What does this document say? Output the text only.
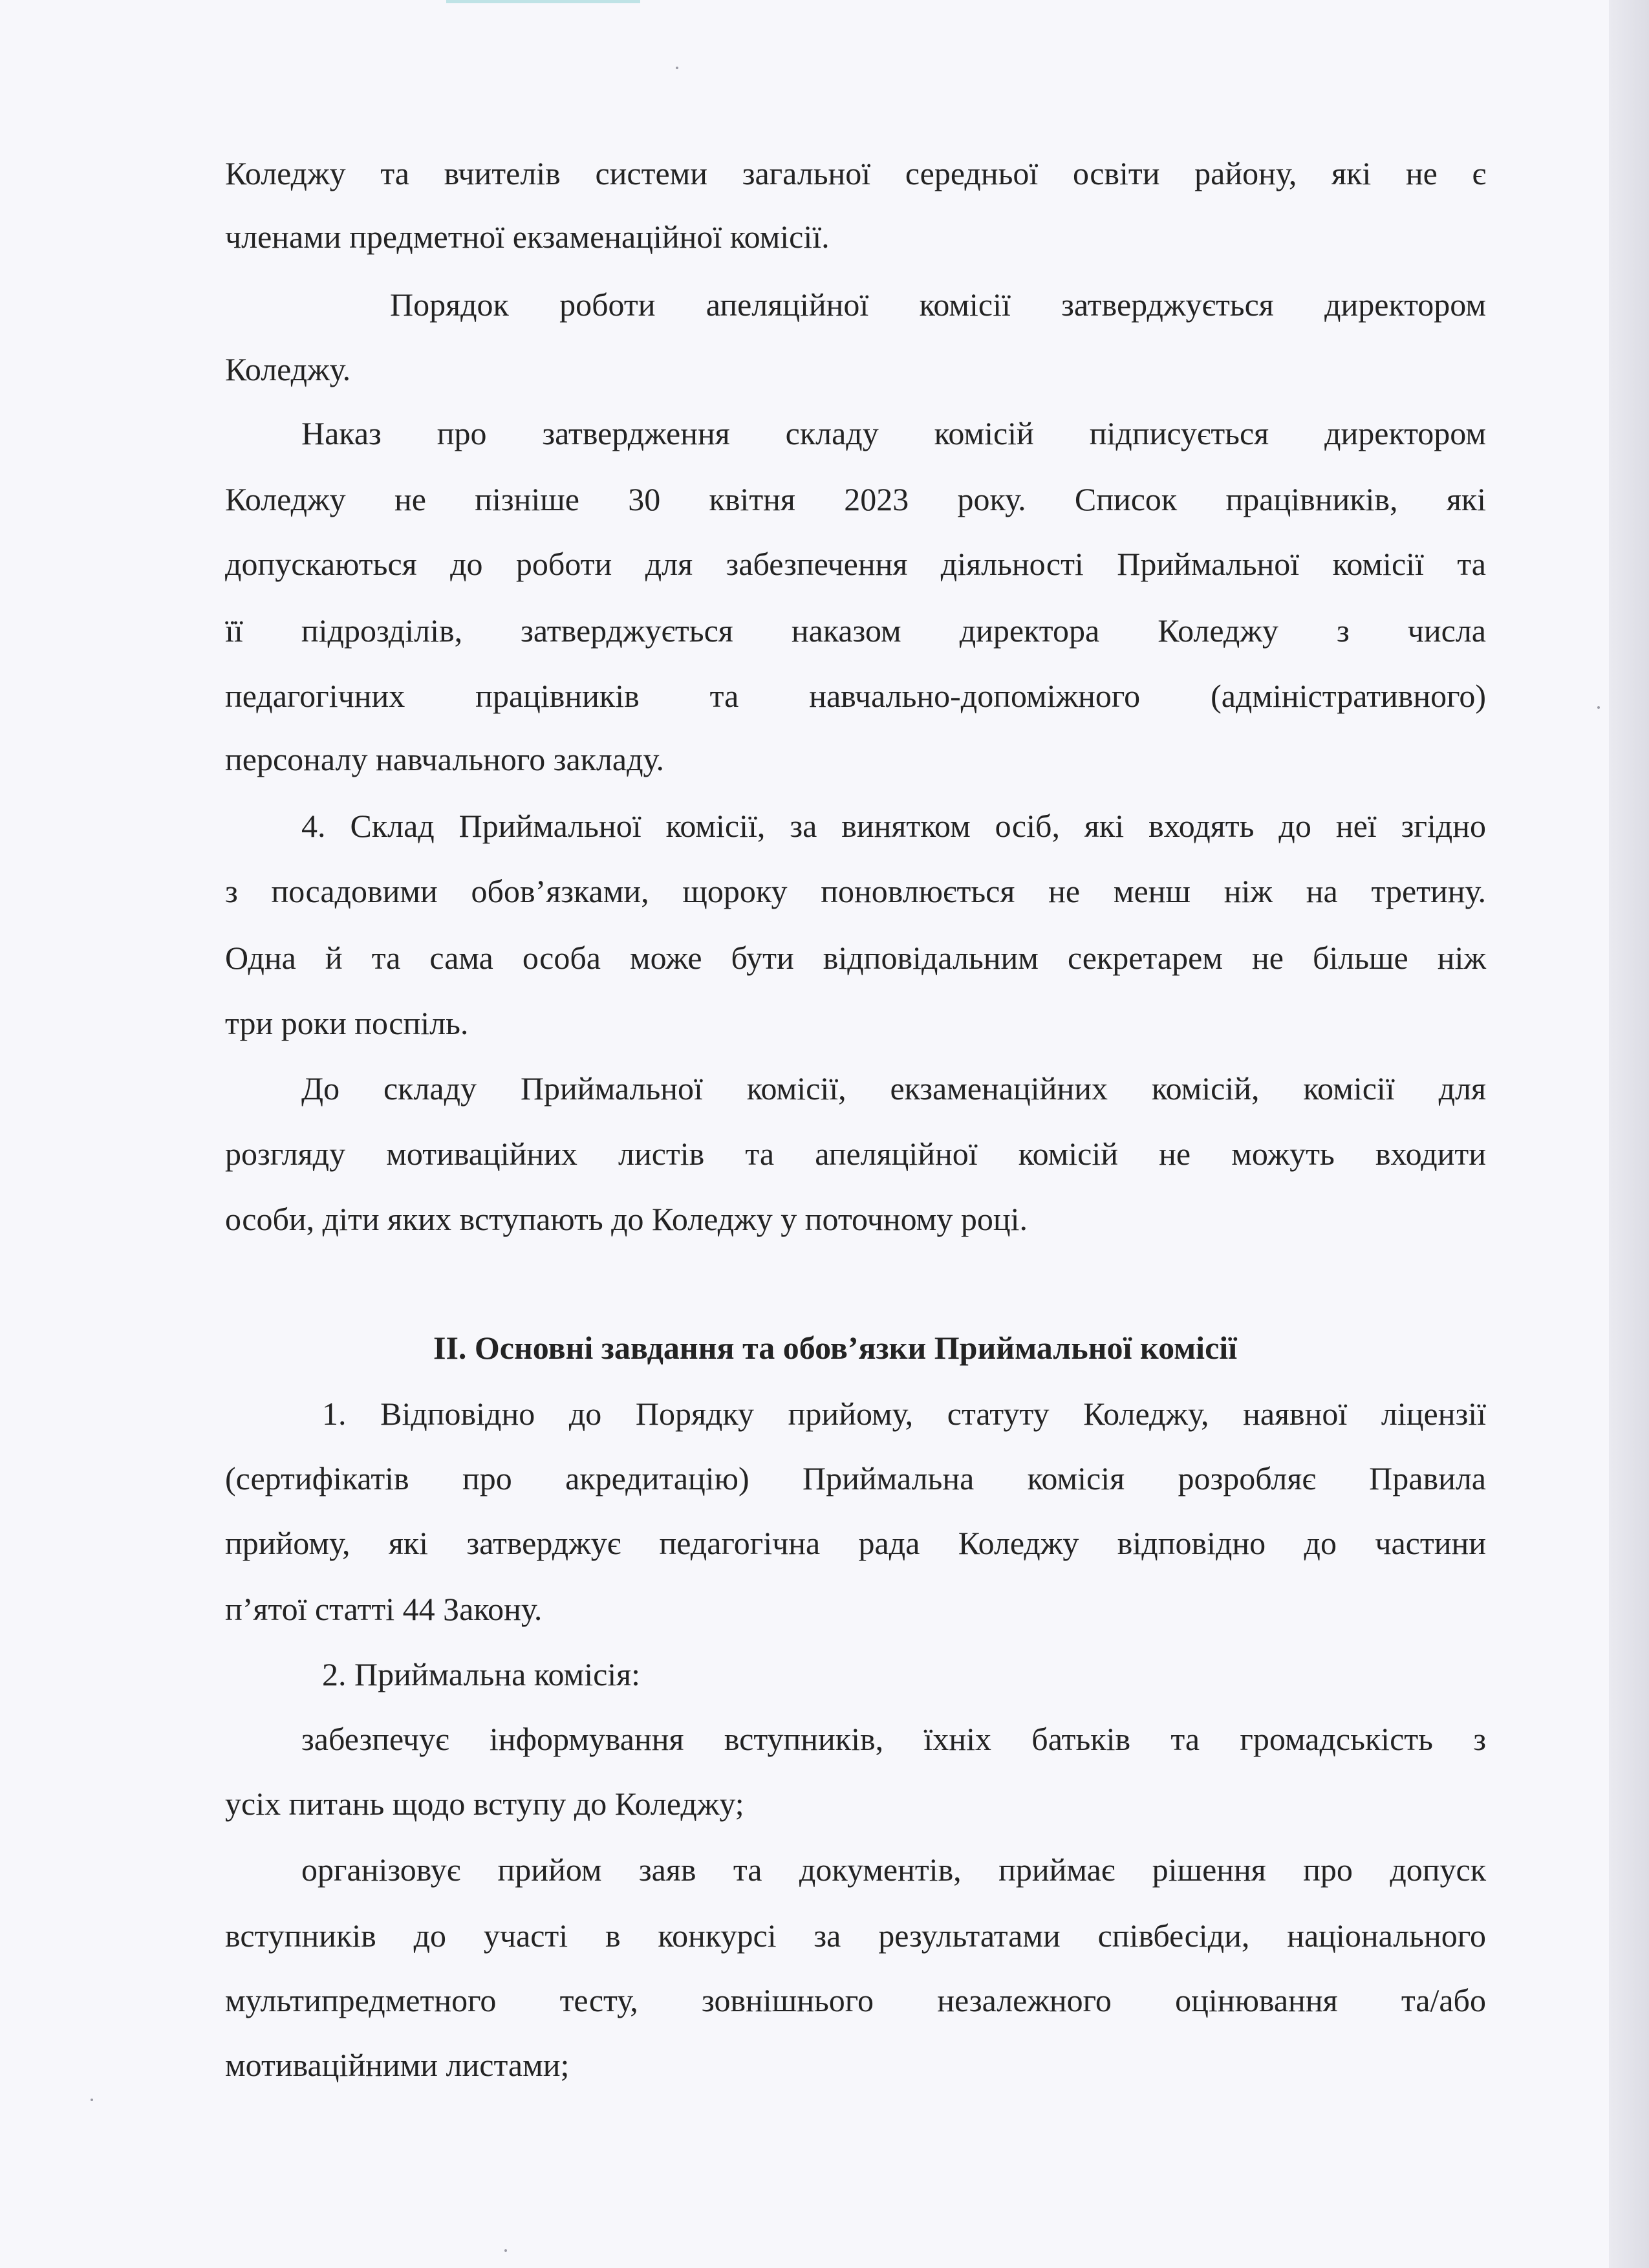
Коледжу та вчителів системи загальної середньої освіти району, які не є
членами предметної екзаменаційної комісії.
Порядок роботи апеляційної комісії затверджується директором
Коледжу.
Наказ про затвердження складу комісій підписується директором
Коледжу не пізніше 30 квітня 2023 року. Список працівників, які
допускаються до роботи для забезпечення діяльності Приймальної комісії та
її підрозділів, затверджується наказом директора Коледжу з числа
педагогічних працівників та навчально-допоміжного (адміністративного)
персоналу навчального закладу.
4. Склад Приймальної комісії, за винятком осіб, які входять до неї згідно
з посадовими обов’язками, щороку поновлюється не менш ніж на третину.
Одна й та сама особа може бути відповідальним секретарем не більше ніж
три роки поспіль.
До складу Приймальної комісії, екзаменаційних комісій, комісії для
розгляду мотиваційних листів та апеляційної комісій не можуть входити
особи, діти яких вступають до Коледжу у поточному році.
ІІ. Основні завдання та обов’язки Приймальної комісії
1. Відповідно до Порядку прийому, статуту Коледжу, наявної ліцензії
(сертифікатів про акредитацію) Приймальна комісія розробляє Правила
прийому, які затверджує педагогічна рада Коледжу відповідно до частини
п’ятої статті 44 Закону.
2. Приймальна комісія:
забезпечує інформування вступників, їхніх батьків та громадськість з
усіх питань щодо вступу до Коледжу;
організовує прийом заяв та документів, приймає рішення про допуск
вступників до участі в конкурсі за результатами співбесіди, національного
мультипредметного тесту, зовнішнього незалежного оцінювання та/або
мотиваційними листами;
